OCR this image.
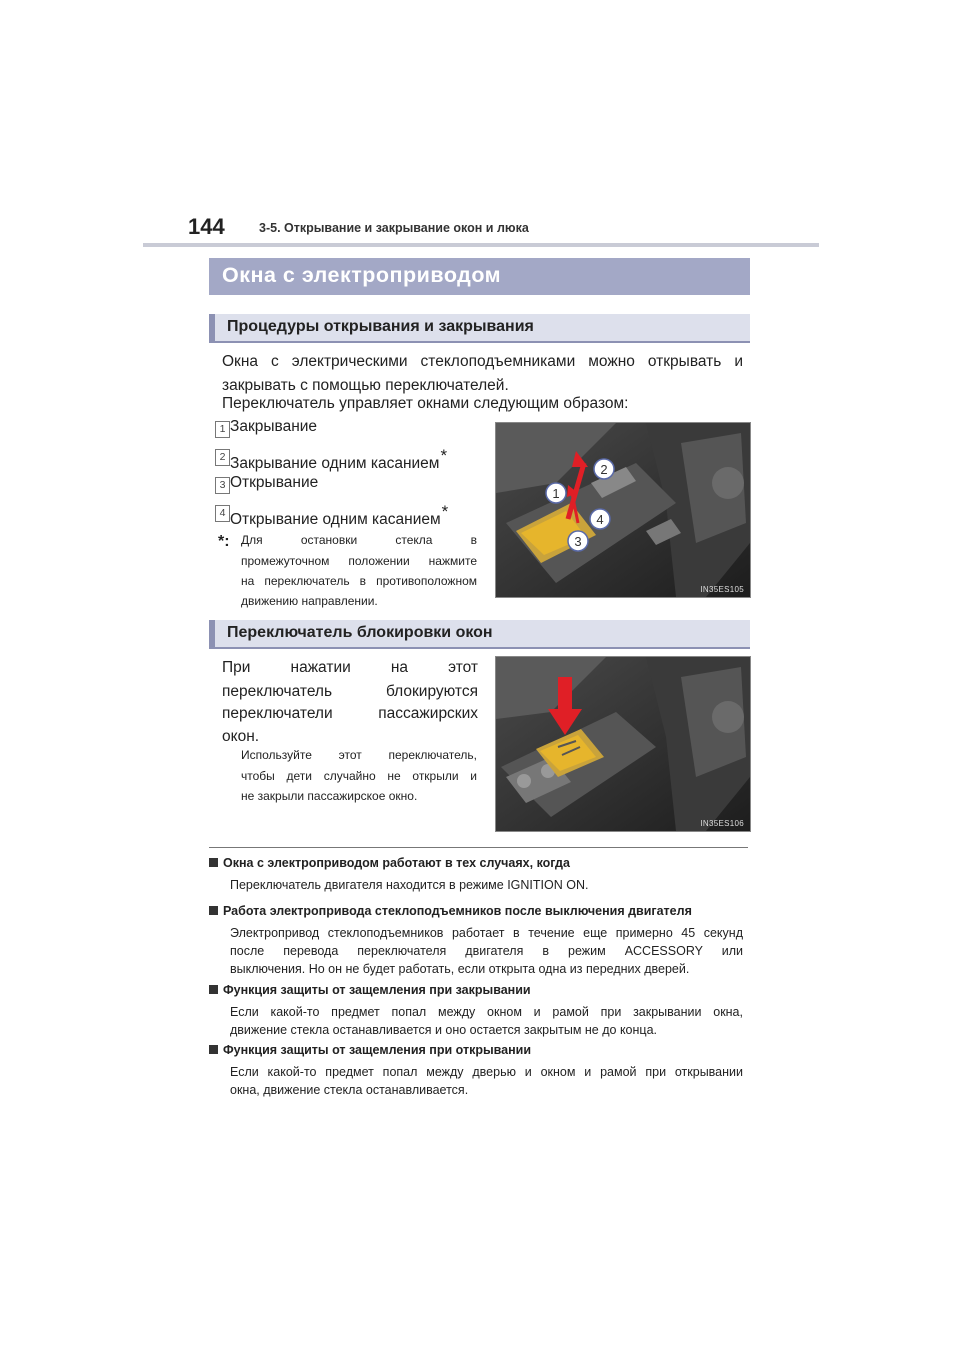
144	3-5. Открывание и закрывание окон и люка
Окна с электроприводом
Процедуры открывания и закрывания
Окна с электрическими стеклоподъемниками можно открывать и
закрывать с помощью переключателей.
Переключатель управляет окнами следующим образом:
1 Закрывание
2 Закрывание одним касанием*
3 Открывание
4 Открывание одним касанием*
*: Для остановки стекла в
промежуточном положении нажмите
на переключатель в противоположном
движению направлении.
1
2
3
4
IN35ES105
Переключатель блокировки окон
При нажатии на этот
переключатель блокируются
переключатели пассажирских
окон.
Используйте этот переключатель,
чтобы дети случайно не открыли и
не закрыли пассажирское окно.
IN35ES106
Окна с электроприводом работают в тех случаях, когда
Переключатель двигателя находится в режиме IGNITION ON.
Работа электропривода стеклоподъемников после выключения двигателя
Электропривод стеклоподъемников работает в течение еще примерно 45 секунд
после перевода переключателя двигателя в режим ACCESSORY или
выключения. Но он не будет работать, если открыта одна из передних дверей.
Функция защиты от защемления при закрывании
Если какой-то предмет попал между окном и рамой при закрывании окна,
движение стекла останавливается и оно остается закрытым не до конца.
Функция защиты от защемления при открывании
Если какой-то предмет попал между дверью и окном и рамой при открывании
окна, движение стекла останавливается.
